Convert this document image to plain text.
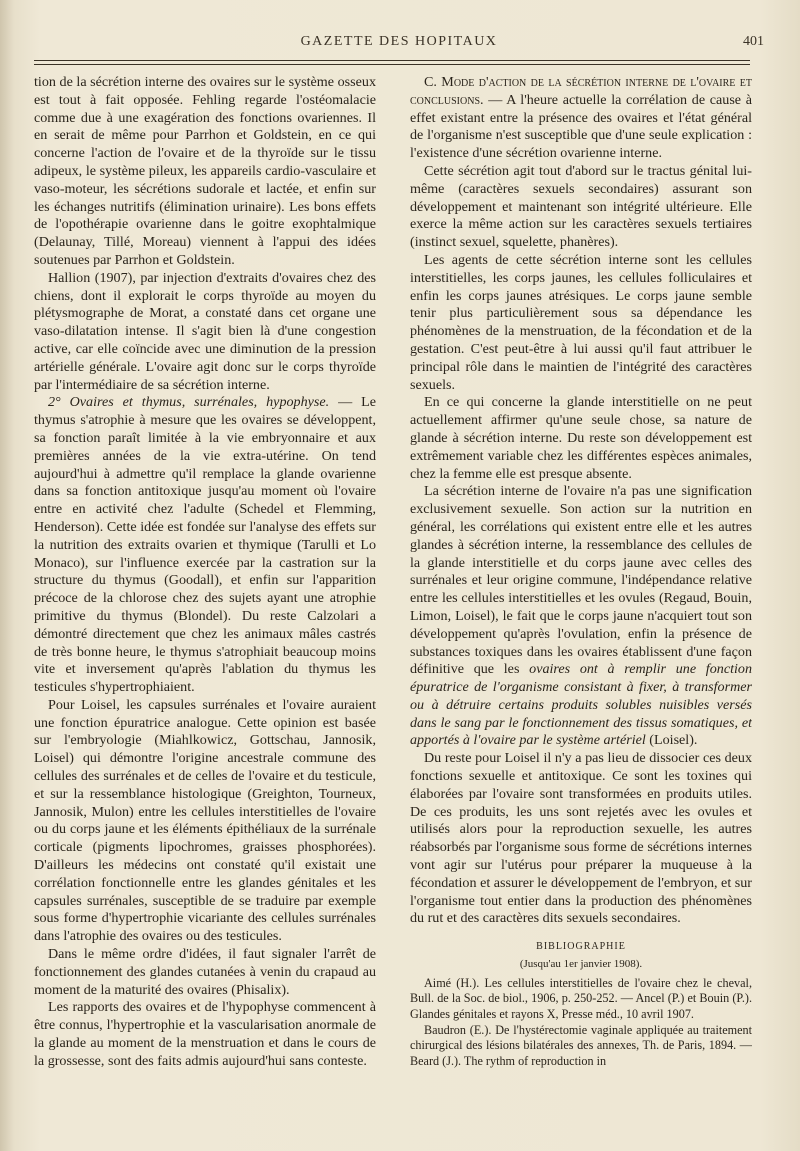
GAZETTE DES HOPITAUX	401

tion de la sécrétion interne des ovaires sur le système osseux est tout à fait opposée. Fehling regarde l'ostéomalacie comme due à une exagération des fonctions ovariennes. Il en serait de même pour Parrhon et Goldstein, en ce qui concerne l'action de l'ovaire et de la thyroïde sur le tissu adipeux, le système pileux, les appareils cardio-vasculaire et vaso-moteur, les sécrétions sudorale et lactée, et enfin sur les échanges nutritifs (élimination urinaire). Les bons effets de l'opothérapie ovarienne dans le goitre exophtalmique (Delaunay, Tillé, Moreau) viennent à l'appui des idées soutenues par Parrhon et Goldstein.

Hallion (1907), par injection d'extraits d'ovaires chez des chiens, dont il explorait le corps thyroïde au moyen du plétysmographe de Morat, a constaté dans cet organe une vaso-dilatation intense. Il s'agit bien là d'une congestion active, car elle coïncide avec une diminution de la pression artérielle générale. L'ovaire agit donc sur le corps thyroïde par l'intermédiaire de sa sécrétion interne.

2° Ovaires et thymus, surrénales, hypophyse. — Le thymus s'atrophie à mesure que les ovaires se développent, sa fonction paraît limitée à la vie embryonnaire et aux premières années de la vie extra-utérine. On tend aujourd'hui à admettre qu'il remplace la glande ovarienne dans sa fonction antitoxique jusqu'au moment où l'ovaire entre en activité chez l'adulte (Schedel et Flemming, Henderson). Cette idée est fondée sur l'analyse des effets sur la nutrition des extraits ovarien et thymique (Tarulli et Lo Monaco), sur l'influence exercée par la castration sur la structure du thymus (Goodall), et enfin sur l'apparition précoce de la chlorose chez des sujets ayant une atrophie primitive du thymus (Blondel). Du reste Calzolari a démontré directement que chez les animaux mâles castrés de très bonne heure, le thymus s'atrophiait beaucoup moins vite et inversement qu'après l'ablation du thymus les testicules s'hypertrophiaient.

Pour Loisel, les capsules surrénales et l'ovaire auraient une fonction épuratrice analogue. Cette opinion est basée sur l'embryologie (Miahlkowicz, Gottschau, Jannosik, Loisel) qui démontre l'origine ancestrale commune des cellules des surrénales et de celles de l'ovaire et du testicule, et sur la ressemblance histologique (Greighton, Tourneux, Jannosik, Mulon) entre les cellules interstitielles de l'ovaire ou du corps jaune et les éléments épithéliaux de la surrénale corticale (pigments lipochromes, graisses phosphorées). D'ailleurs les médecins ont constaté qu'il existait une corrélation fonctionnelle entre les glandes génitales et les capsules surrénales, susceptible de se traduire par exemple sous forme d'hypertrophie vicariante des cellules surrénales dans l'atrophie des ovaires ou des testicules.

Dans le même ordre d'idées, il faut signaler l'arrêt de fonctionnement des glandes cutanées à venin du crapaud au moment de la maturité des ovaires (Phisalix).

Les rapports des ovaires et de l'hypophyse commencent à être connus, l'hypertrophie et la vascularisation anormale de la glande au moment de la menstruation et dans le cours de la grossesse, sont des faits admis aujourd'hui sans conteste.

C. Mode d'action de la sécrétion interne de l'ovaire et conclusions. — A l'heure actuelle la corrélation de cause à effet existant entre la présence des ovaires et l'état général de l'organisme n'est susceptible que d'une seule explication : l'existence d'une sécrétion ovarienne interne.

Cette sécrétion agit tout d'abord sur le tractus génital lui-même (caractères sexuels secondaires) assurant son développement et maintenant son intégrité ultérieure. Elle exerce la même action sur les caractères sexuels tertiaires (instinct sexuel, squelette, phanères).

Les agents de cette sécrétion interne sont les cellules interstitielles, les corps jaunes, les cellules folliculaires et enfin les corps jaunes atrésiques. Le corps jaune semble tenir plus particulièrement sous sa dépendance les phénomènes de la menstruation, de la fécondation et de la gestation. C'est peut-être à lui aussi qu'il faut attribuer le principal rôle dans le maintien de l'intégrité des caractères sexuels.

En ce qui concerne la glande interstitielle on ne peut actuellement affirmer qu'une seule chose, sa nature de glande à sécrétion interne. Du reste son développement est extrêmement variable chez les différentes espèces animales, chez la femme elle est presque absente.

La sécrétion interne de l'ovaire n'a pas une signification exclusivement sexuelle. Son action sur la nutrition en général, les corrélations qui existent entre elle et les autres glandes à sécrétion interne, la ressemblance des cellules de la glande interstitielle et du corps jaune avec celles des surrénales et leur origine commune, l'indépendance relative entre les cellules interstitielles et les ovules (Regaud, Bouin, Limon, Loisel), le fait que le corps jaune n'acquiert tout son développement qu'après l'ovulation, enfin la présence de substances toxiques dans les ovaires établissent d'une façon définitive que les ovaires ont à remplir une fonction épuratrice de l'organisme consistant à fixer, à transformer ou à détruire certains produits solubles nuisibles versés dans le sang par le fonctionnement des tissus somatiques, et apportés à l'ovaire par le système artériel (Loisel).

Du reste pour Loisel il n'y a pas lieu de dissocier ces deux fonctions sexuelle et antitoxique. Ce sont les toxines qui élaborées par l'ovaire sont transformées en produits utiles. De ces produits, les uns sont rejetés avec les ovules et utilisés alors pour la reproduction sexuelle, les autres réabsorbés par l'organisme sous forme de sécrétions internes vont agir sur l'utérus pour préparer la muqueuse à la fécondation et assurer le développement de l'embryon, et sur l'organisme tout entier dans la production des phénomènes du rut et des caractères dits sexuels secondaires.

BIBLIOGRAPHIE
(Jusqu'au 1er janvier 1908).

Aimé (H.). Les cellules interstitielles de l'ovaire chez le cheval, Bull. de la Soc. de biol., 1906, p. 250-252. — Ancel (P.) et Bouin (P.). Glandes génitales et rayons X, Presse méd., 10 avril 1907.

Baudron (E.). De l'hystérectomie vaginale appliquée au traitement chirurgical des lésions bilatérales des annexes, Th. de Paris, 1894. — Beard (J.). The rythm of reproduction in
